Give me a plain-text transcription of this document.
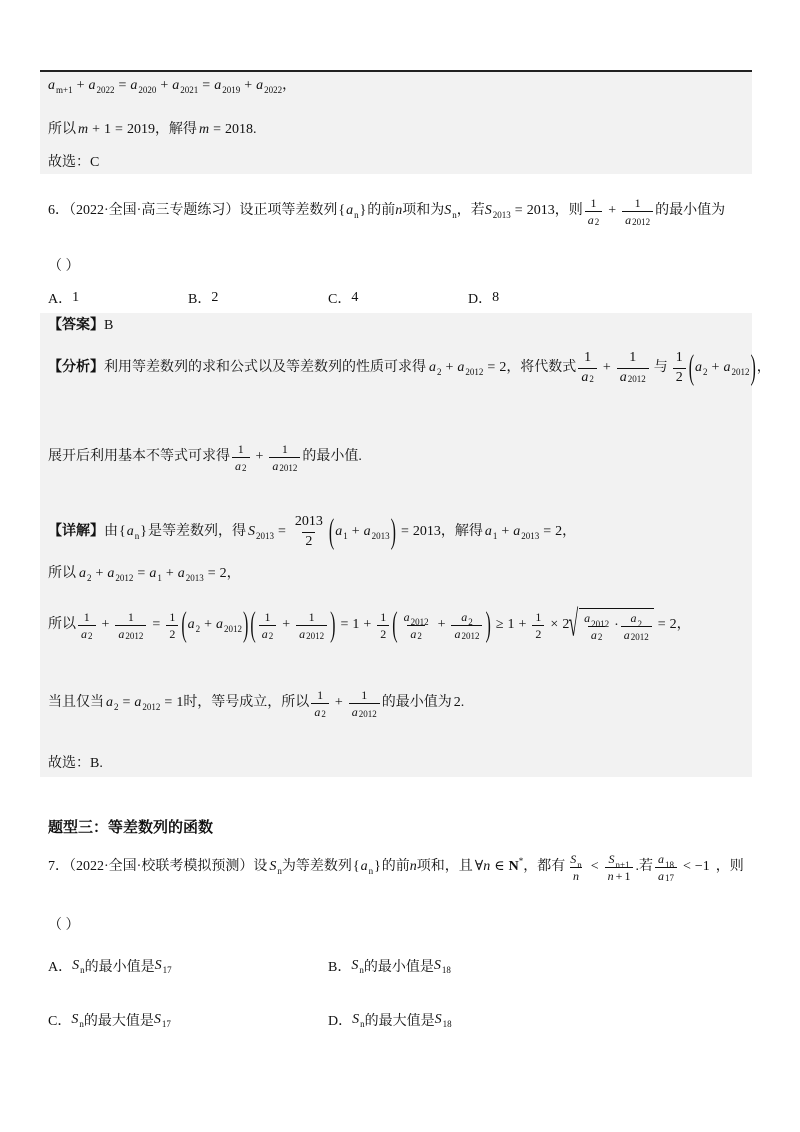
a m+1 + a 2022 = a 2020 + a 2021 = a 2019 + a 2022 ，
所以 m + 1 = 2019 ，解得 m = 2018 .
故选：C
6．（2022·全国·高三专题练习）设正项等差数列 { a n } 的前 n 项和为 S n ，若 S 2013 = 2013 ，则 $\frac{1}{a 2} + \frac{1}{a 2012}$ 的最小值为
（ ）
A． 1	B． 2	C． 4	D． 8
【答案】 B
【分析】 利用等差数列的求和公式以及等差数列的性质可求得 a 2 + a 2012 = 2 ，将代数式 $\frac{1}{a 2} + \frac{1}{a 2012}$ 与 $\frac{1}{2}$ ( a 2 + a 2012 ) ，
展开后利用基本不等式可求得 $\frac{1}{a 2} + \frac{1}{a 2012}$ 的最小值.
【详解】 由 { a n } 是等差数列，得 S $2013 = \frac{2013}{2}$ ( a 1 + a 2013 ) = 2013 ，解得 a 1 + a 2013 = 2 ，
所以 a 2 + a 2012 = a 1 + a 2013 = 2 ，
所以 $\frac{1}{a 2} + \frac{1}{a 2012} = \frac{1}{2}$ ( a 2 + a 2012 ) ( $\frac{1}{a 2} + \frac{1}{a 2012}$ ) = $1 + \frac{1}{2}$ ( $\frac{a 2012}{a 2} + \frac{a 2}{a 2012}$ ) ≥ $1 + \frac{1}{2} \times 2$ √ $\frac{a 2012}{a 2} \cdot \frac{a 2}{a 2012} = 2$ ，
当且仅当 a 2 = a 2012 = 1 时，等号成立，所以 $\frac{1}{a 2} + \frac{1}{a 2012}$ 的最小值为 2 .
故选：B.
题型三：等差数列的函数
7．（2022·全国·校联考模拟预测）设 S n 为等差数列 { a n } 的前 n 项和，且 ∀ n ∈ N * ，都有 $\frac{\text{S n}}{n} < \frac{\text{S n+1}}{n + 1}$ .若 $\frac{a 18}{a 17} < -1$ ，则
（ ）
A． S n 的最小值是 S 17	B． S n 的最小值是 S 18
C． S n 的最大值是 S 17	D． S n 的最大值是 S 18
